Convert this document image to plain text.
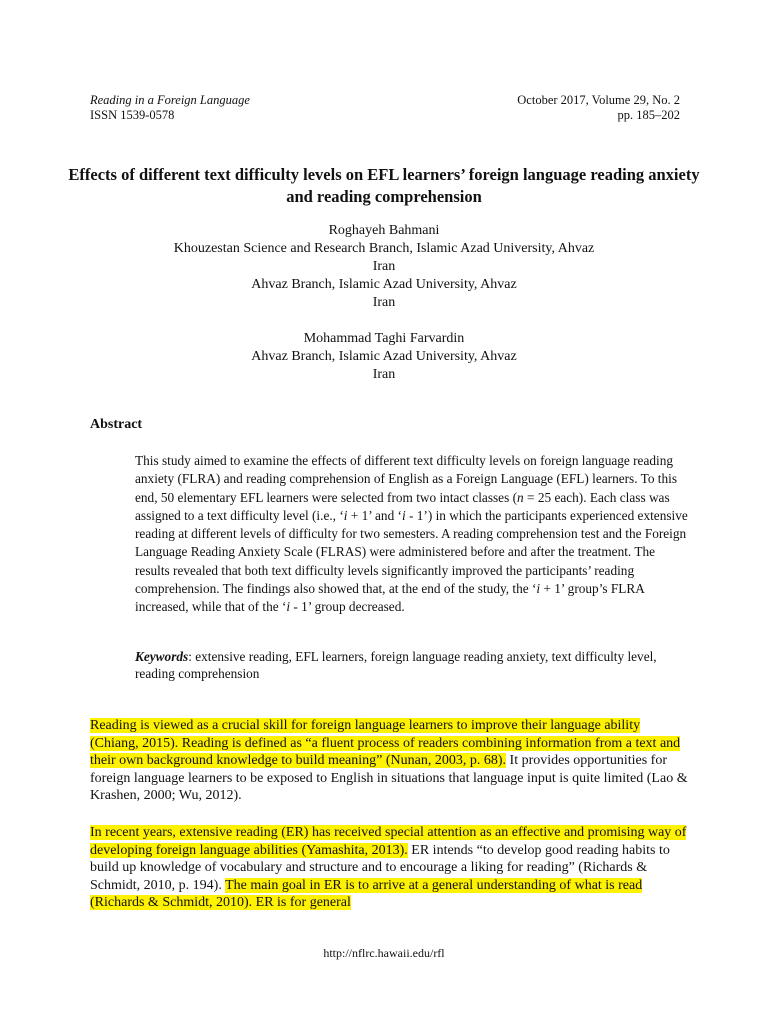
Reading in a Foreign Language
ISSN 1539-0578
October 2017, Volume 29, No. 2
pp. 185–202
Effects of different text difficulty levels on EFL learners’ foreign language reading anxiety and reading comprehension
Roghayeh Bahmani
Khouzestan Science and Research Branch, Islamic Azad University, Ahvaz
Iran
Ahvaz Branch, Islamic Azad University, Ahvaz
Iran
Mohammad Taghi Farvardin
Ahvaz Branch, Islamic Azad University, Ahvaz
Iran
Abstract

This study aimed to examine the effects of different text difficulty levels on foreign language reading anxiety (FLRA) and reading comprehension of English as a Foreign Language (EFL) learners. To this end, 50 elementary EFL learners were selected from two intact classes (n = 25 each). Each class was assigned to a text difficulty level (i.e., ‘i + 1’ and ‘i - 1’) in which the participants experienced extensive reading at different levels of difficulty for two semesters. A reading comprehension test and the Foreign Language Reading Anxiety Scale (FLRAS) were administered before and after the treatment. The results revealed that both text difficulty levels significantly improved the participants’ reading comprehension. The findings also showed that, at the end of the study, the ‘i + 1’ group’s FLRA increased, while that of the ‘i - 1’ group decreased.

Keywords: extensive reading, EFL learners, foreign language reading anxiety, text difficulty level, reading comprehension

Reading is viewed as a crucial skill for foreign language learners to improve their language ability (Chiang, 2015). Reading is defined as “a fluent process of readers combining information from a text and their own background knowledge to build meaning” (Nunan, 2003, p. 68). It provides opportunities for foreign language learners to be exposed to English in situations that language input is quite limited (Lao & Krashen, 2000; Wu, 2012).

In recent years, extensive reading (ER) has received special attention as an effective and promising way of developing foreign language abilities (Yamashita, 2013). ER intends “to develop good reading habits to build up knowledge of vocabulary and structure and to encourage a liking for reading” (Richards & Schmidt, 2010, p. 194). The main goal in ER is to arrive at a general understanding of what is read (Richards & Schmidt, 2010). ER is for general

http://nflrc.hawaii.edu/rfl
